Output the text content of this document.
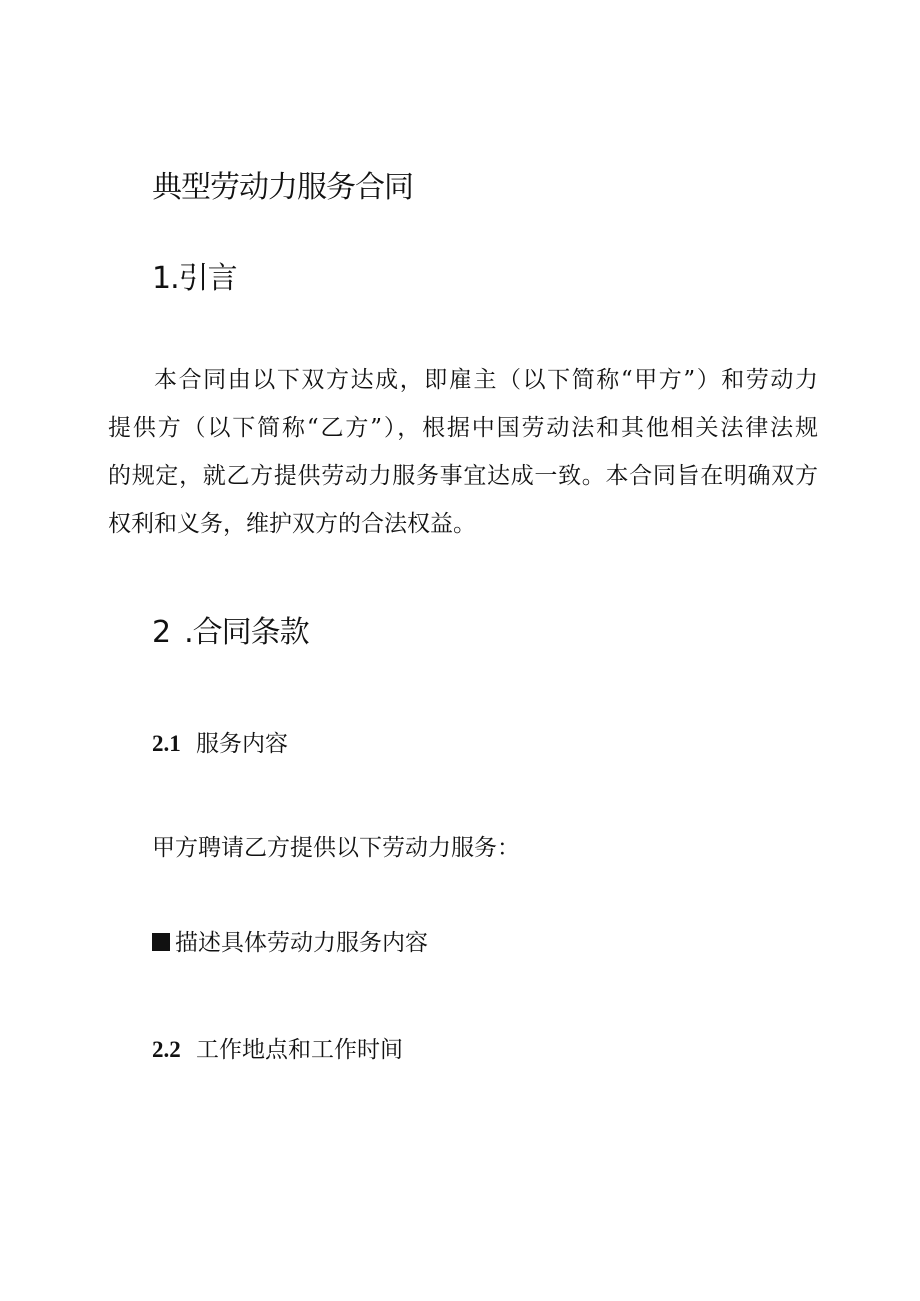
典型劳动力服务合同
1.引言
本合同由以下双方达成，即雇主（以下简称“甲方”）和劳动力
提供方（以下简称“乙方”），根据中国劳动法和其他相关法律法规
的规定，就乙方提供劳动力服务事宜达成一致。本合同旨在明确双方
权利和义务，维护双方的合法权益。
2 .合同条款
2.1 服务内容

甲方聘请乙方提供以下劳动力服务：

描述具体劳动力服务内容

2.2 工作地点和工作时间
